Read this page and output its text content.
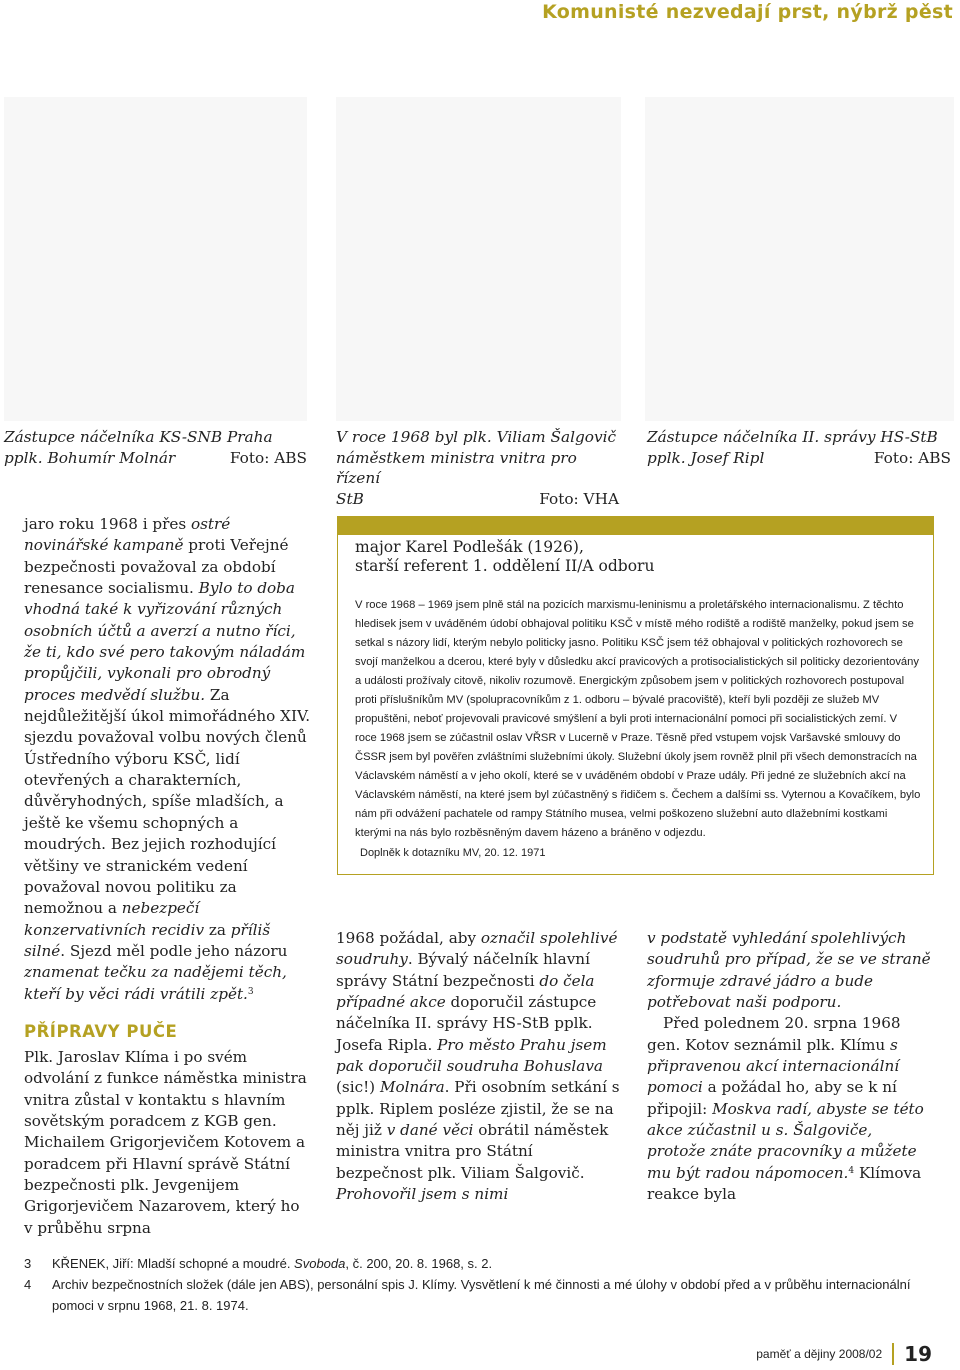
Komunisté nezvedají prst, nýbrž pěst
Zástupce náčelníka KS-SNB Praha
pplk. Bohumír Molnár	Foto: ABS
V roce 1968 byl plk. Viliam Šalgovič
náměstkem ministra vnitra pro řízení
StB	Foto: VHA
Zástupce náčelníka II. správy HS-StB
pplk. Josef Ripl	Foto: ABS

jaro roku 1968 i přes ostré novinářské kampaně proti Veřejné bezpečnosti považoval za období renesance socialismu. Bylo to doba vhodná také k vyřizování různých osobních účtů a averzí a nutno říci, že ti, kdo své pero takovým náladám propůjčili, vykonali pro obrodný proces medvědí službu. Za nejdůležitější úkol mimořádného XIV. sjezdu považoval volbu nových členů Ústředního výboru KSČ, lidí otevřených a charakterních, důvěryhodných, spíše mladších, a ještě ke všemu schopných a moudrých. Bez jejich rozhodující většiny ve stranickém vedení považoval novou politiku za nemožnou a nebezpečí konzervativních recidiv za příliš silné. Sjezd měl podle jeho názoru znamenat tečku za nadějemi těch, kteří by věci rádi vrátili zpět.$^3$

PŘÍPRAVY PUČE

Plk. Jaroslav Klíma i po svém odvolání z funkce náměstka ministra vnitra zůstal v kontaktu s hlavním sovětským poradcem z KGB gen. Michailem Grigorjevičem Kotovem a poradcem při Hlavní správě Státní bezpečnosti plk. Jevgenijem Grigorjevičem Nazarovem, který ho v průběhu srpna

major Karel Podlešák (1926),
starší referent 1. oddělení II/A odboru

V roce 1968 – 1969 jsem plně stál na pozicích marxismu-leninismu a proletářského internacionalismu. Z těchto hledisek jsem v uváděném údobí obhajoval politiku KSČ v místě mého rodiště a rodiště manželky, pokud jsem se setkal s názory lidí, kterým nebylo politicky jasno. Politiku KSČ jsem též obhajoval v politických rozhovorech se svojí manželkou a dcerou, které byly v důsledku akcí pravicových a protisocialistických sil politicky dezorientovány a události prožívaly citově, nikoliv rozumově. Energickým způsobem jsem v politických rozhovorech postupoval proti příslušníkům MV (spolupracovníkům z 1. odboru – bývalé pracoviště), kteří byli později ze služeb MV propuštěni, neboť projevovali pravicové smýšlení a byli proti internacionální pomoci při socialistických zemí. V roce 1968 jsem se zúčastnil oslav VŘSR v Lucerně v Praze. Těsně před vstupem vojsk Varšavské smlouvy do ČSSR jsem byl pověřen zvláštními služebními úkoly. Služební úkoly jsem rovněž plnil při všech demonstracích na Václavském náměstí a v jeho okolí, které se v uváděném období v Praze udály. Při jedné ze služebních akcí na Václavském náměstí, na které jsem byl zúčastněný s řidičem s. Čechem a dalšími ss. Vyternou a Kovačíkem, bylo nám při odvážení pachatele od rampy Státního musea, velmi poškozeno služební auto dlažebními kostkami kterými na nás bylo rozběsněným davem házeno a bráněno v odjezdu.

Doplněk k dotazníku MV, 20. 12. 1971

1968 požádal, aby označil spolehlivé soudruhy. Bývalý náčelník hlavní správy Státní bezpečnosti do čela případné akce doporučil zástupce náčelníka II. správy HS-StB pplk. Josefa Ripla. Pro město Prahu jsem pak doporučil soudruha Bohuslava (sic!) Molnára. Při osobním setkání s pplk. Riplem posléze zjistil, že se na něj již v dané věci obrátil náměstek ministra vnitra pro Státní bezpečnost plk. Viliam Šalgovič. Prohovořil jsem s nimi

v podstatě vyhledání spolehlivých soudruhů pro případ, že se ve straně zformuje zdravé jádro a bude potřebovat naši podporu.

Před polednem 20. srpna 1968 gen. Kotov seznámil plk. Klímu s připravenou akcí internacionální pomoci a požádal ho, aby se k ní připojil: Moskva radí, abyste se této akce zúčastnil u s. Šalgoviče, protože znáte pracovníky a můžete mu být radou nápomocen.$^4$ Klímova reakce byla

3	KŘENEK, Jiří: Mladší schopné a moudré. Svoboda, č. 200, 20. 8. 1968, s. 2.
4	Archiv bezpečnostních složek (dále jen ABS), personální spis J. Klímy. Vysvětlení k mé činnosti a mé úlohy v období před a v průběhu internacionální pomoci v srpnu 1968, 21. 8. 1974.
paměť a dějiny 2008/02 19
